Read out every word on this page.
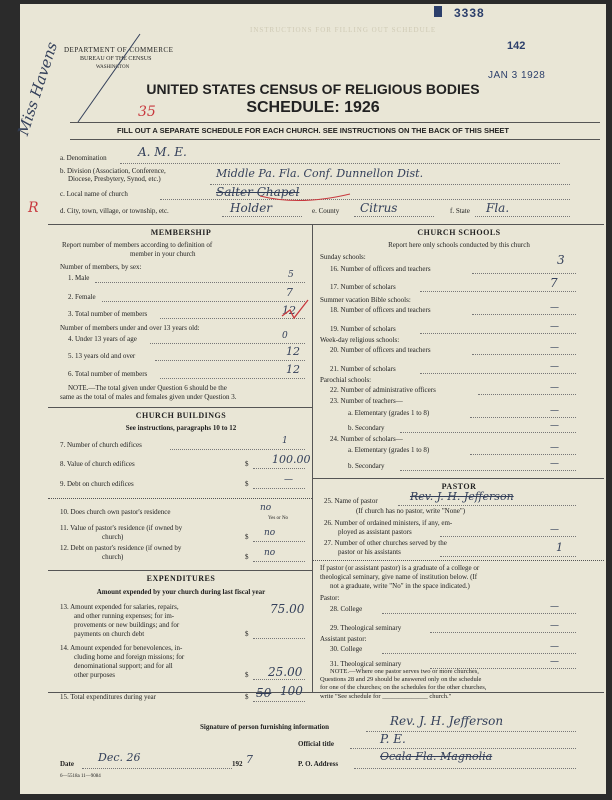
INSTRUCTIONS FOR FILLING OUT SCHEDULE
3338
142
JAN 3 1928
DEPARTMENT OF COMMERCE
BUREAU OF THE CENSUS
WASHINGTON
UNITED STATES CENSUS OF RELIGIOUS BODIES
SCHEDULE: 1926
FILL OUT A SEPARATE SCHEDULE FOR EACH CHURCH. SEE INSTRUCTIONS ON THE BACK OF THIS SHEET
Miss Havens	35
R
a. Denomination	A. M. E.
b. Division (Association, Conference,
Diocese, Presbytery, Synod, etc.)	Middle Pa. Fla. Conf. Dunnellon Dist.
c. Local name of church	Salter Chapel
d. City, town, village, or township, etc.	Holder	e. County Citrus	f. State Fla.
MEMBERSHIP
Report number of members according to definition of
member in your church
Number of members, by sex:
1. Male	5
2. Female	7
3. Total number of members	12
Number of members under and over 13 years old:
4. Under 13 years of age	0
5. 13 years old and over	12
6. Total number of members	12
NOTE.—The total given under Question 6 should be the
same as the total of males and females given under Question 3.
CHURCH BUILDINGS
See instructions, paragraphs 10 to 12
7. Number of church edifices	1
8. Value of church edifices	$ 100.00
9. Debt on church edifices	$	—
10. Does church own pastor's residence	no
Yes or No
11. Value of pastor's residence (if owned by
church)	$ no
12. Debt on pastor's residence (if owned by
church)	$ no
EXPENDITURES
Amount expended by your church during last fiscal year
13. Amount expended for salaries, repairs,
and other running expenses; for im-
provements or new buildings; and for
payments on church debt	$
75.00
14. Amount expended for benevolences, in-
cluding home and foreign missions; for
denominational support; and for all
other purposes	$ 25.00
15. Total expenditures during year	$ 50 100
CHURCH SCHOOLS
Report here only schools conducted by this church
Sunday schools:
16. Number of officers and teachers
3
17. Number of scholars	7
Summer vacation Bible schools:
18. Number of officers and teachers	—
19. Number of scholars	—
Week-day religious schools:
20. Number of officers and teachers	—
21. Number of scholars	—
Parochial schools:
22. Number of administrative officers	—
23. Number of teachers—
a. Elementary (grades 1 to 8)	—
b. Secondary	—
24. Number of scholars—
a. Elementary (grades 1 to 8)	—
b. Secondary	—
PASTOR
25. Name of pastor	Rev. J. H. Jefferson
(If church has no pastor, write "None")
26. Number of ordained ministers, if any, em-
ployed as assistant pastors	—
27. Number of other churches served by the
pastor or his assistants	1
If pastor (or assistant pastor) is a graduate of a college or
theological seminary, give name of institution below. (If
not a graduate, write "No" in the space indicated.)
Pastor:
28. College	—
29. Theological seminary	—
Assistant pastor:
30. College	—
31. Theological seminary	—
NOTE.—Where one pastor serves two or more churches,
Questions 28 and 29 should be answered only on the schedule
for one of the churches; on the schedules for the other churches,
write "See schedule for ______________ church."
Signature of person furnishing information	Rev. J. H. Jefferson
Official title	P. E.
Date Dec. 26	192 7	P. O. Address
Ocala Fla. Magnolia
6—5518a 11—9084
